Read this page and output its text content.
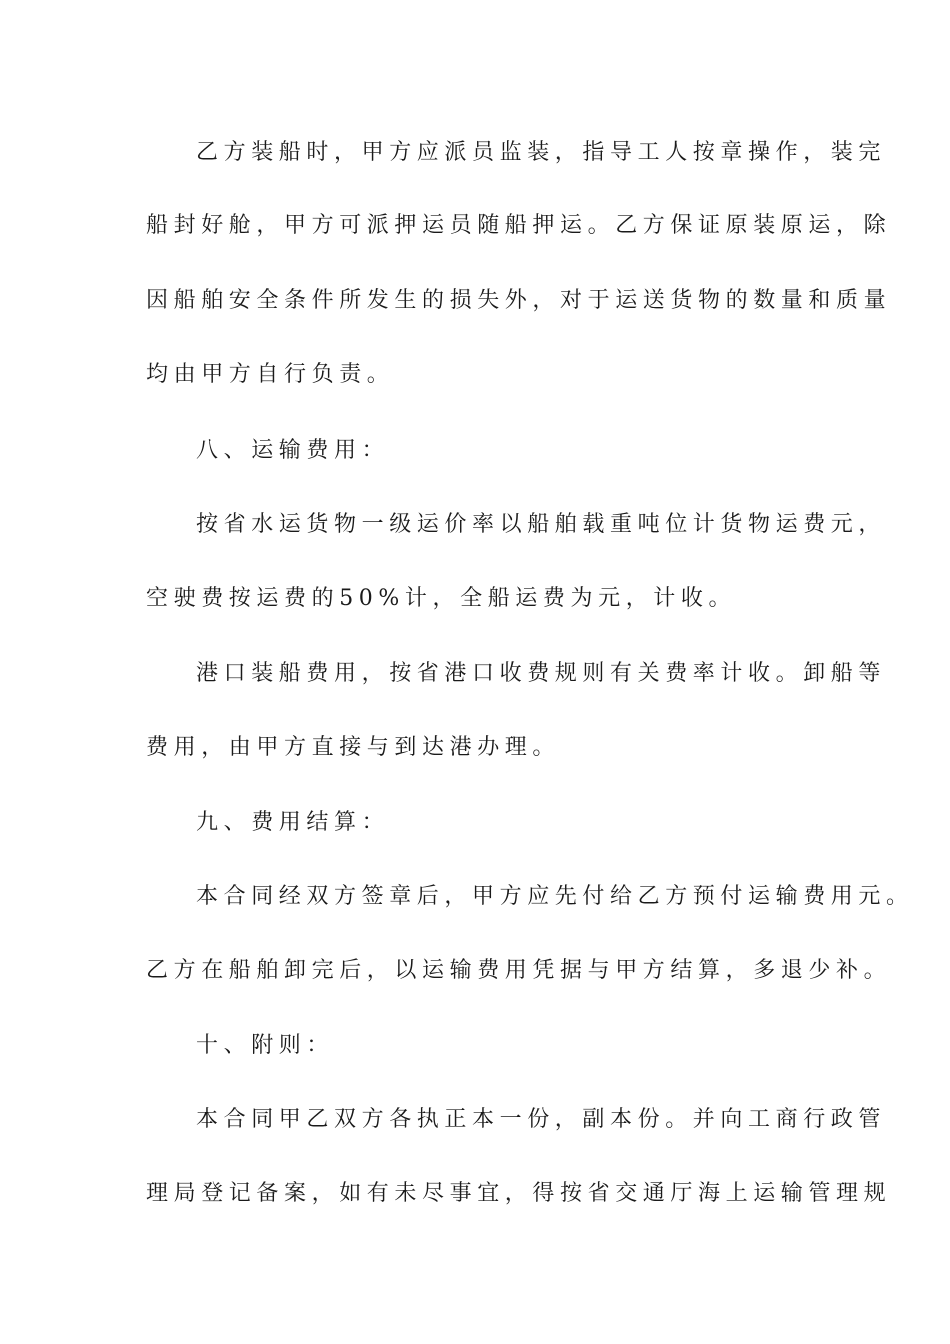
乙方装船时，甲方应派员监装，指导工人按章操作，装完
船封好舱，甲方可派押运员随船押运。乙方保证原装原运，除
因船舶安全条件所发生的损失外，对于运送货物的数量和质量
均由甲方自行负责。
八、运输费用：
按省水运货物一级运价率以船舶载重吨位计货物运费元，
空驶费按运费的50%计，全船运费为元，计收。
港口装船费用，按省港口收费规则有关费率计收。卸船等
费用，由甲方直接与到达港办理。
九、费用结算：
本合同经双方签章后，甲方应先付给乙方预付运输费用元。
乙方在船舶卸完后，以运输费用凭据与甲方结算，多退少补。
十、附则：
本合同甲乙双方各执正本一份，副本份。并向工商行政管
理局登记备案，如有未尽事宜，得按省交通厅海上运输管理规
